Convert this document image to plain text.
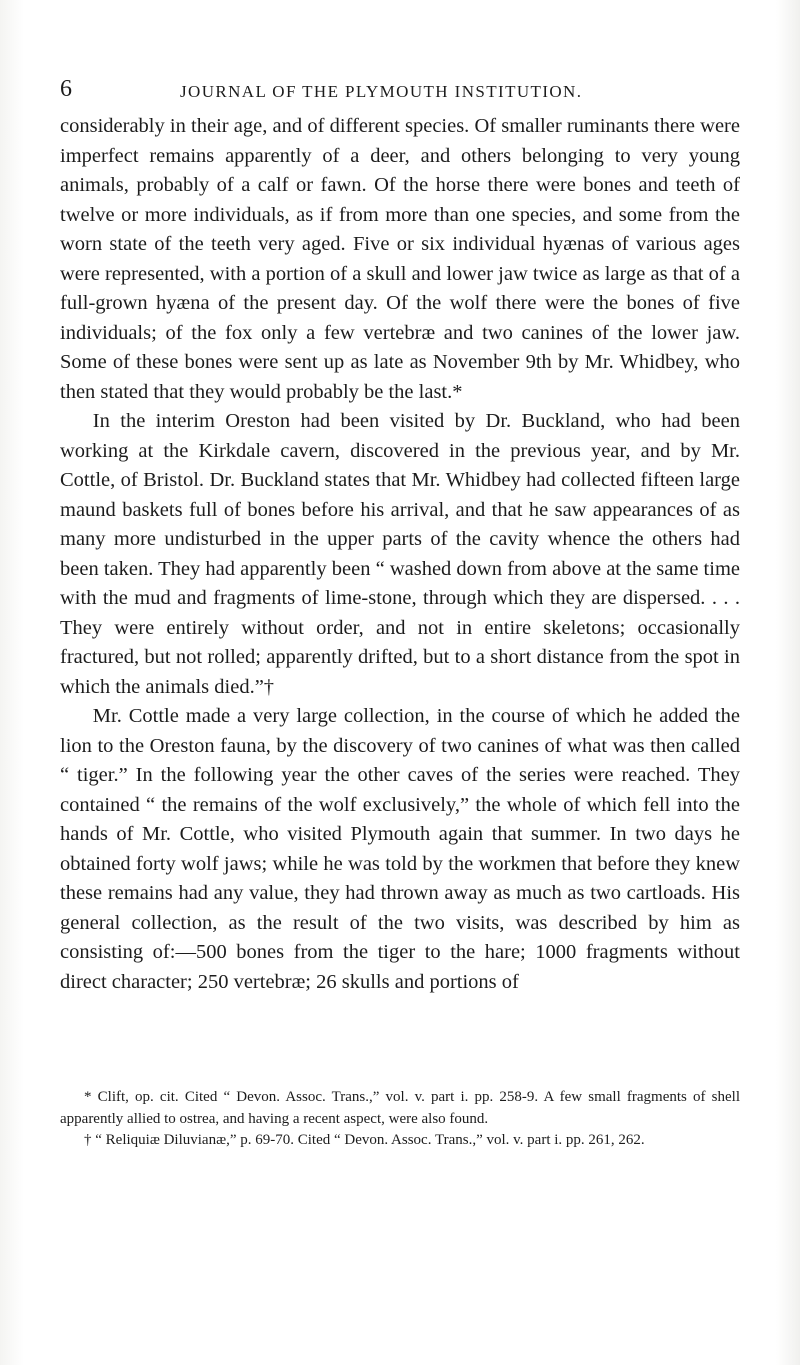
6	JOURNAL OF THE PLYMOUTH INSTITUTION.

considerably in their age, and of different species. Of smaller ruminants there were imperfect remains apparently of a deer, and others belonging to very young animals, probably of a calf or fawn. Of the horse there were bones and teeth of twelve or more individuals, as if from more than one species, and some from the worn state of the teeth very aged. Five or six individual hyænas of various ages were represented, with a portion of a skull and lower jaw twice as large as that of a full-grown hyæna of the present day. Of the wolf there were the bones of five individuals; of the fox only a few vertebræ and two canines of the lower jaw. Some of these bones were sent up as late as November 9th by Mr. Whidbey, who then stated that they would probably be the last.*

In the interim Oreston had been visited by Dr. Buckland, who had been working at the Kirkdale cavern, discovered in the previous year, and by Mr. Cottle, of Bristol. Dr. Buckland states that Mr. Whidbey had collected fifteen large maund baskets full of bones before his arrival, and that he saw appearances of as many more undisturbed in the upper parts of the cavity whence the others had been taken. They had apparently been “ washed down from above at the same time with the mud and fragments of lime-stone, through which they are dispersed. . . . They were entirely without order, and not in entire skeletons; occasionally fractured, but not rolled; apparently drifted, but to a short distance from the spot in which the animals died.”†

Mr. Cottle made a very large collection, in the course of which he added the lion to the Oreston fauna, by the discovery of two canines of what was then called “ tiger.” In the following year the other caves of the series were reached. They contained “ the remains of the wolf exclusively,” the whole of which fell into the hands of Mr. Cottle, who visited Plymouth again that summer. In two days he obtained forty wolf jaws; while he was told by the workmen that before they knew these remains had any value, they had thrown away as much as two cartloads. His general collection, as the result of the two visits, was described by him as consisting of:—500 bones from the tiger to the hare; 1000 fragments without direct character; 250 vertebræ; 26 skulls and portions of

* Clift, op. cit. Cited “ Devon. Assoc. Trans.,” vol. v. part i. pp. 258-9. A few small fragments of shell apparently allied to ostrea, and having a recent aspect, were also found.

† “ Reliquiæ Diluvianæ,” p. 69-70. Cited “ Devon. Assoc. Trans.,” vol. v. part i. pp. 261, 262.
